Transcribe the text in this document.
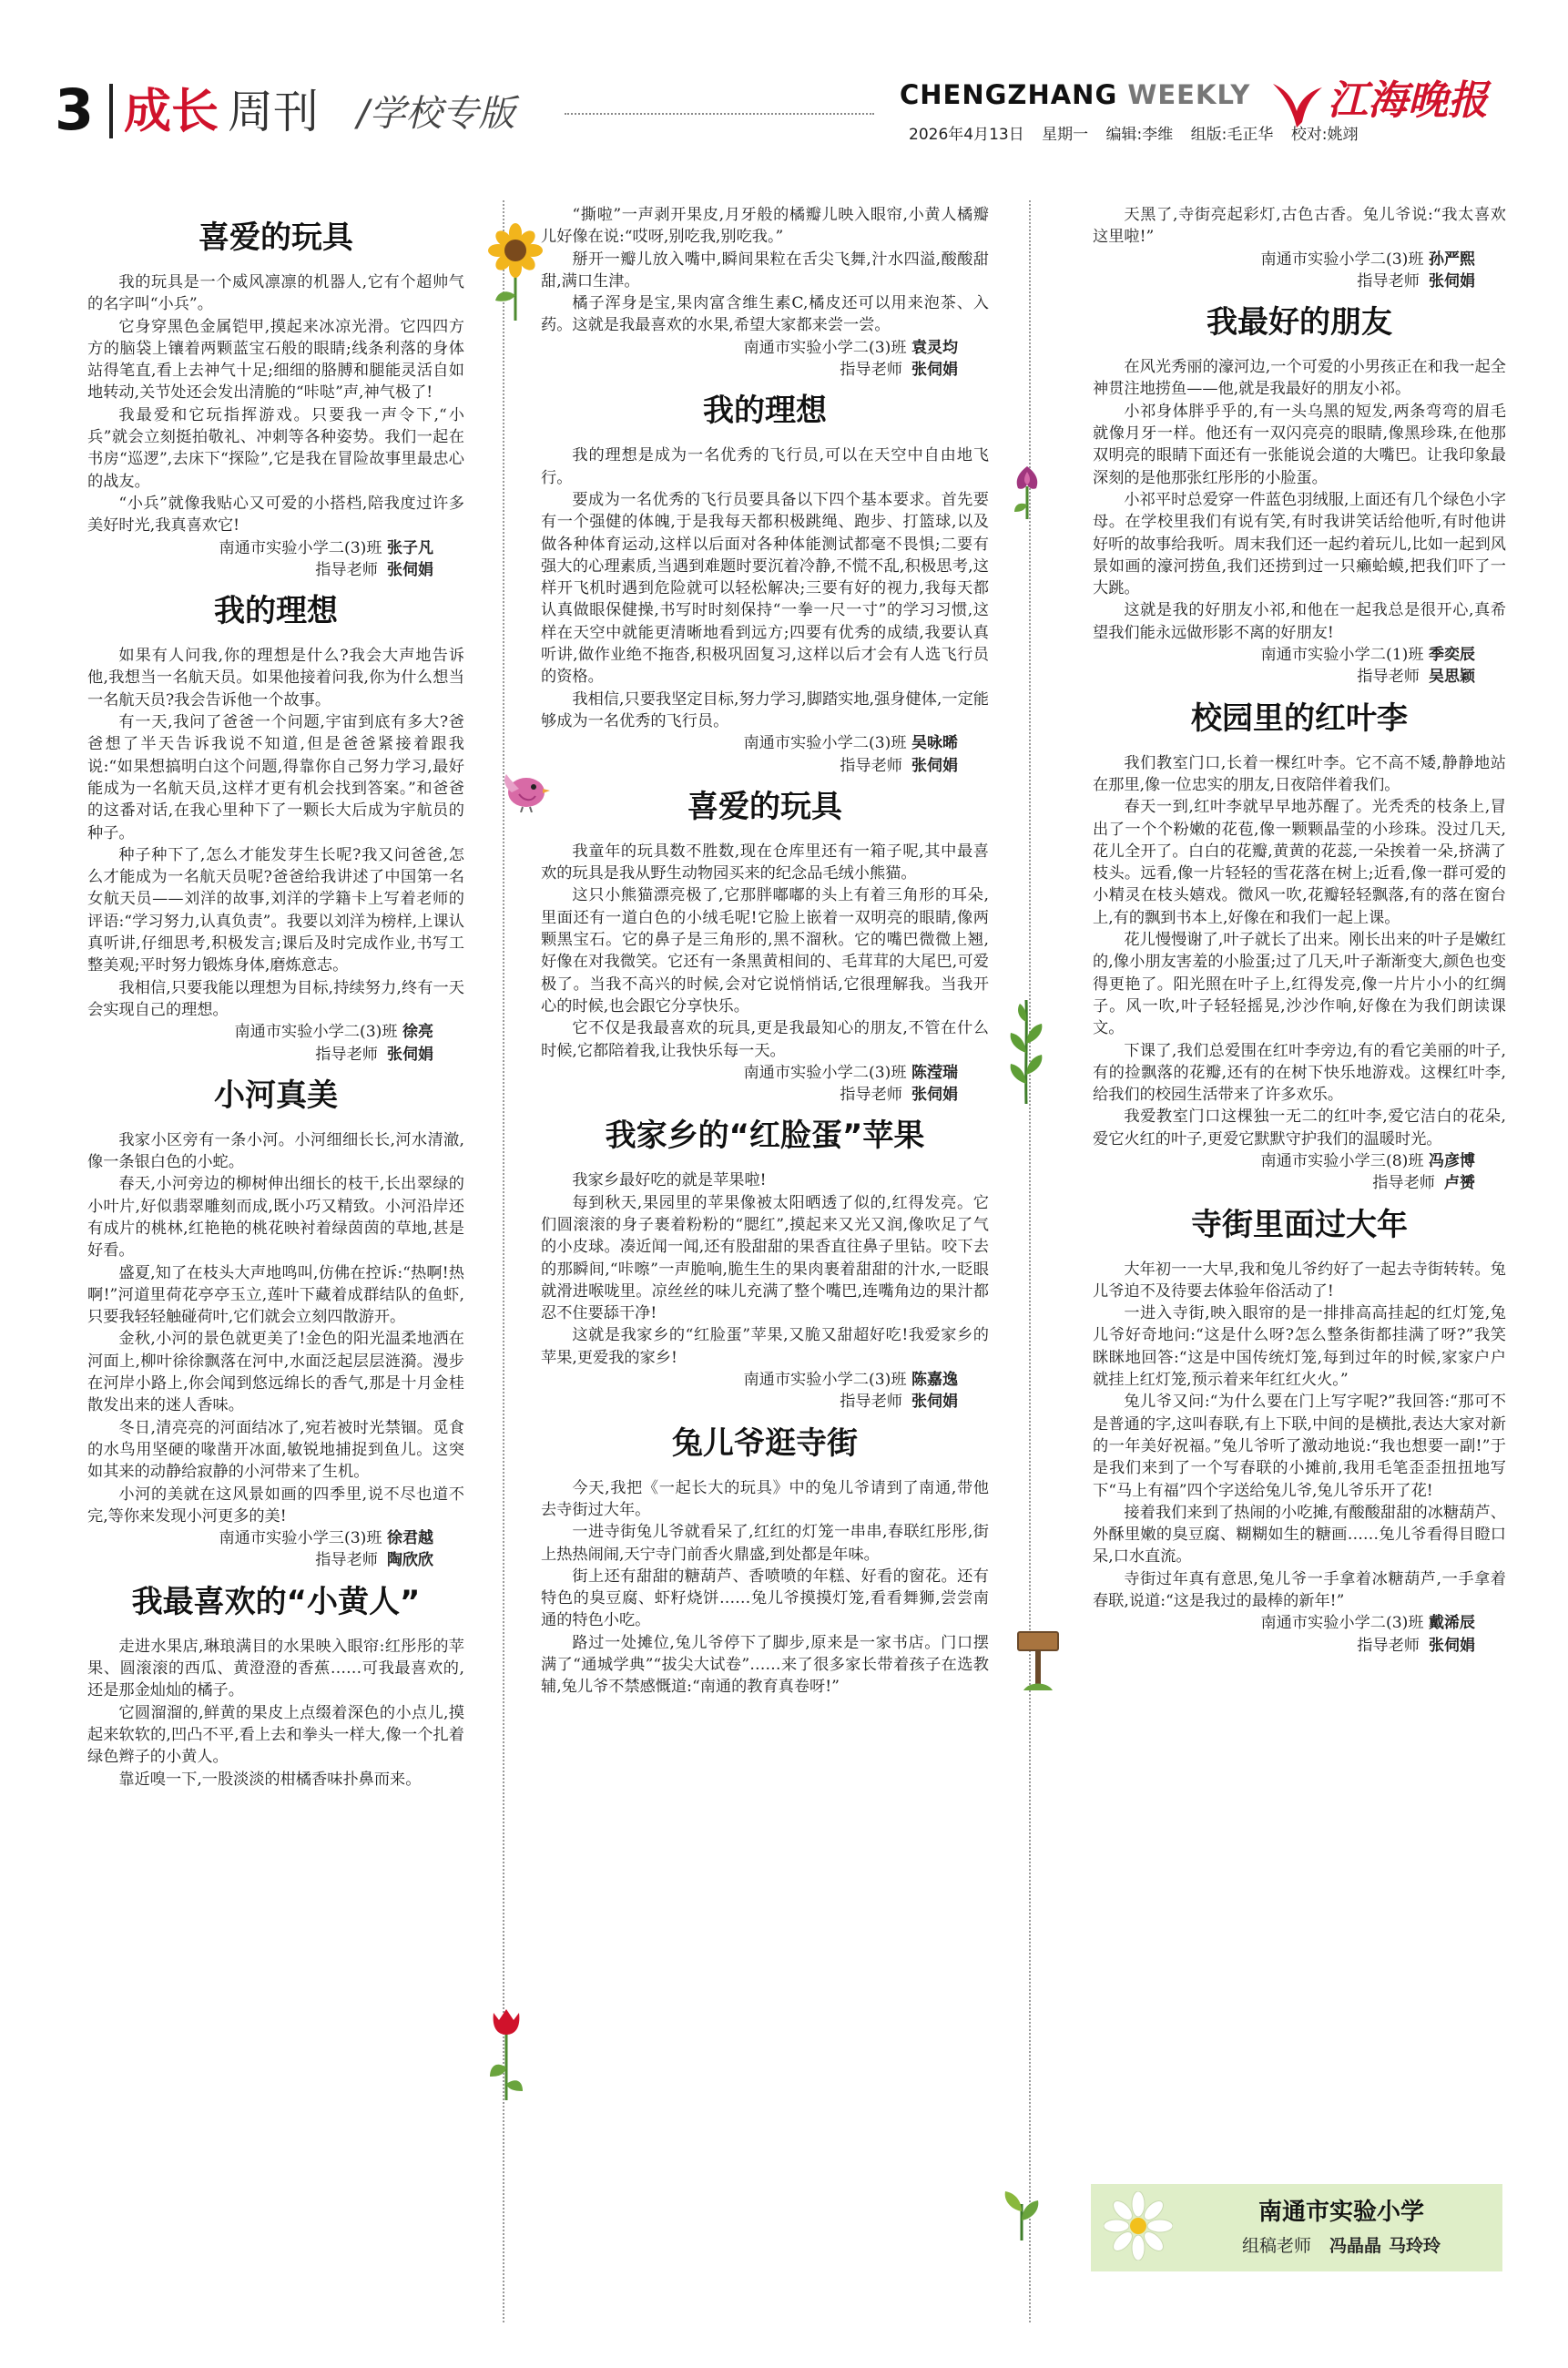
3 成长 周刊 /学校专版	CHENGZHANG WEEKLY 江海晚报
2026年4月13日 星期一 编辑:李维 组版:毛正华 校对:姚翊
喜爱的玩具

我的玩具是一个威风凛凛的机器人,它有个超帅气的名字叫“小兵”。

它身穿黑色金属铠甲,摸起来冰凉光滑。它四四方方的脑袋上镶着两颗蓝宝石般的眼睛;线条利落的身体站得笔直,看上去神气十足;细细的胳膊和腿能灵活自如地转动,关节处还会发出清脆的“咔哒”声,神气极了!

我最爱和它玩指挥游戏。只要我一声令下,“小兵”就会立刻挺拍敬礼、冲刺等各种姿势。我们一起在书房“巡逻”,去床下“探险”,它是我在冒险故事里最忠心的战友。

“小兵”就像我贴心又可爱的小搭档,陪我度过许多美好时光,我真喜欢它!

南通市实验小学二(3)班 张子凡
指导老师 张伺娟
我的理想

如果有人问我,你的理想是什么?我会大声地告诉他,我想当一名航天员。如果他接着问我,你为什么想当一名航天员?我会告诉他一个故事。

有一天,我问了爸爸一个问题,宇宙到底有多大?爸爸想了半天告诉我说不知道,但是爸爸紧接着跟我说:“如果想搞明白这个问题,得靠你自己努力学习,最好能成为一名航天员,这样才更有机会找到答案。”和爸爸的这番对话,在我心里种下了一颗长大后成为宇航员的种子。

种子种下了,怎么才能发芽生长呢?我又问爸爸,怎么才能成为一名航天员呢?爸爸给我讲述了中国第一名女航天员——刘洋的故事,刘洋的学籍卡上写着老师的评语:“学习努力,认真负责”。我要以刘洋为榜样,上课认真听讲,仔细思考,积极发言;课后及时完成作业,书写工整美观;平时努力锻炼身体,磨炼意志。

我相信,只要我能以理想为目标,持续努力,终有一天会实现自己的理想。

南通市实验小学二(3)班 徐亮
指导老师 张伺娟
小河真美

我家小区旁有一条小河。小河细细长长,河水清澈,像一条银白色的小蛇。

春天,小河旁边的柳树伸出细长的枝干,长出翠绿的小叶片,好似翡翠雕刻而成,既小巧又精致。小河沿岸还有成片的桃林,红艳艳的桃花映衬着绿茵茵的草地,甚是好看。

盛夏,知了在枝头大声地鸣叫,仿佛在控诉:“热啊!热啊!”河道里荷花亭亭玉立,莲叶下藏着成群结队的鱼虾,只要我轻轻触碰荷叶,它们就会立刻四散游开。

金秋,小河的景色就更美了!金色的阳光温柔地洒在河面上,柳叶徐徐飘落在河中,水面泛起层层涟漪。漫步在河岸小路上,你会闻到悠远绵长的香气,那是十月金桂散发出来的迷人香味。

冬日,清亮亮的河面结冰了,宛若被时光禁锢。觅食的水鸟用坚硬的喙凿开冰面,敏锐地捕捉到鱼儿。这突如其来的动静给寂静的小河带来了生机。

小河的美就在这风景如画的四季里,说不尽也道不完,等你来发现小河更多的美!

南通市实验小学三(3)班 徐君越
指导老师 陶欣欣
我最喜欢的“小黄人”

走进水果店,琳琅满目的水果映入眼帘:红彤彤的苹果、圆滚滚的西瓜、黄澄澄的香蕉……可我最喜欢的,还是那金灿灿的橘子。

它圆溜溜的,鲜黄的果皮上点缀着深色的小点儿,摸起来软软的,凹凸不平,看上去和拳头一样大,像一个扎着绿色辫子的小黄人。

靠近嗅一下,一股淡淡的柑橘香味扑鼻而来。

“撕啦”一声剥开果皮,月牙般的橘瓣儿映入眼帘,小黄人橘瓣儿好像在说:“哎呀,别吃我,别吃我。”

掰开一瓣儿放入嘴中,瞬间果粒在舌尖飞舞,汁水四溢,酸酸甜甜,满口生津。

橘子浑身是宝,果肉富含维生素C,橘皮还可以用来泡茶、入药。这就是我最喜欢的水果,希望大家都来尝一尝。

南通市实验小学二(3)班 袁灵均
指导老师 张伺娟
我的理想

我的理想是成为一名优秀的飞行员,可以在天空中自由地飞行。

要成为一名优秀的飞行员要具备以下四个基本要求。首先要有一个强健的体魄,于是我每天都积极跳绳、跑步、打篮球,以及做各种体育运动,这样以后面对各种体能测试都毫不畏惧;二要有强大的心理素质,当遇到难题时要沉着冷静,不慌不乱,积极思考,这样开飞机时遇到危险就可以轻松解决;三要有好的视力,我每天都认真做眼保健操,书写时时刻保持“一拳一尺一寸”的学习习惯,这样在天空中就能更清晰地看到远方;四要有优秀的成绩,我要认真听讲,做作业绝不拖沓,积极巩固复习,这样以后才会有人选飞行员的资格。

我相信,只要我坚定目标,努力学习,脚踏实地,强身健体,一定能够成为一名优秀的飞行员。

南通市实验小学二(3)班 吴咏晞
指导老师 张伺娟
喜爱的玩具

我童年的玩具数不胜数,现在仓库里还有一箱子呢,其中最喜欢的玩具是我从野生动物园买来的纪念品毛绒小熊猫。

这只小熊猫漂亮极了,它那胖嘟嘟的头上有着三角形的耳朵,里面还有一道白色的小绒毛呢!它脸上嵌着一双明亮的眼睛,像两颗黑宝石。它的鼻子是三角形的,黑不溜秋。它的嘴巴微微上翘,好像在对我微笑。它还有一条黑黄相间的、毛茸茸的大尾巴,可爱极了。当我不高兴的时候,会对它说悄悄话,它很理解我。当我开心的时候,也会跟它分享快乐。

它不仅是我最喜欢的玩具,更是我最知心的朋友,不管在什么时候,它都陪着我,让我快乐每一天。

南通市实验小学二(3)班 陈滢瑞
指导老师 张伺娟
我家乡的“红脸蛋”苹果

我家乡最好吃的就是苹果啦!

每到秋天,果园里的苹果像被太阳晒透了似的,红得发亮。它们圆滚滚的身子裹着粉粉的“腮红”,摸起来又光又润,像吹足了气的小皮球。凑近闻一闻,还有股甜甜的果香直往鼻子里钻。咬下去的那瞬间,“咔嚓”一声脆响,脆生生的果肉裹着甜甜的汁水,一眨眼就滑进喉咙里。凉丝丝的味儿充满了整个嘴巴,连嘴角边的果汁都忍不住要舔干净!

这就是我家乡的“红脸蛋”苹果,又脆又甜超好吃!我爱家乡的苹果,更爱我的家乡!

南通市实验小学二(3)班 陈嘉逸
指导老师 张伺娟
兔儿爷逛寺街

今天,我把《一起长大的玩具》中的兔儿爷请到了南通,带他去寺街过大年。

一进寺街兔儿爷就看呆了,红红的灯笼一串串,春联红彤彤,街上热热闹闹,天宁寺门前香火鼎盛,到处都是年味。

街上还有甜甜的糖葫芦、香喷喷的年糕、好看的窗花。还有特色的臭豆腐、虾籽烧饼……兔儿爷摸摸灯笼,看看舞狮,尝尝南通的特色小吃。

路过一处摊位,兔儿爷停下了脚步,原来是一家书店。门口摆满了“通城学典”“拔尖大试卷”……来了很多家长带着孩子在选教辅,兔儿爷不禁感慨道:“南通的教育真卷呀!”

天黑了,寺街亮起彩灯,古色古香。兔儿爷说:“我太喜欢这里啦!”

南通市实验小学二(3)班 孙严熙
指导老师 张伺娟
我最好的朋友

在风光秀丽的濠河边,一个可爱的小男孩正在和我一起全神贯注地捞鱼——他,就是我最好的朋友小祁。

小祁身体胖乎乎的,有一头乌黑的短发,两条弯弯的眉毛就像月牙一样。他还有一双闪亮亮的眼睛,像黑珍珠,在他那双明亮的眼睛下面还有一张能说会道的大嘴巴。让我印象最深刻的是他那张红彤彤的小脸蛋。

小祁平时总爱穿一件蓝色羽绒服,上面还有几个绿色小字母。在学校里我们有说有笑,有时我讲笑话给他听,有时他讲好听的故事给我听。周末我们还一起约着玩儿,比如一起到风景如画的濠河捞鱼,我们还捞到过一只癞蛤蟆,把我们吓了一大跳。

这就是我的好朋友小祁,和他在一起我总是很开心,真希望我们能永远做形影不离的好朋友!

南通市实验小学二(1)班 季奕辰
指导老师 吴思颖
校园里的红叶李

我们教室门口,长着一棵红叶李。它不高不矮,静静地站在那里,像一位忠实的朋友,日夜陪伴着我们。

春天一到,红叶李就早早地苏醒了。光秃秃的枝条上,冒出了一个个粉嫩的花苞,像一颗颗晶莹的小珍珠。没过几天,花儿全开了。白白的花瓣,黄黄的花蕊,一朵挨着一朵,挤满了枝头。远看,像一片轻轻的雪花落在树上;近看,像一群可爱的小精灵在枝头嬉戏。微风一吹,花瓣轻轻飘落,有的落在窗台上,有的飘到书本上,好像在和我们一起上课。

花儿慢慢谢了,叶子就长了出来。刚长出来的叶子是嫩红的,像小朋友害羞的小脸蛋;过了几天,叶子渐渐变大,颜色也变得更艳了。阳光照在叶子上,红得发亮,像一片片小小的红绸子。风一吹,叶子轻轻摇晃,沙沙作响,好像在为我们朗读课文。

下课了,我们总爱围在红叶李旁边,有的看它美丽的叶子,有的捡飘落的花瓣,还有的在树下快乐地游戏。这棵红叶李,给我们的校园生活带来了许多欢乐。

我爱教室门口这棵独一无二的红叶李,爱它洁白的花朵,爱它火红的叶子,更爱它默默守护我们的温暖时光。

南通市实验小学三(8)班 冯彦博
指导老师 卢赟
寺街里面过大年

大年初一一大早,我和兔儿爷约好了一起去寺街转转。兔儿爷迫不及待要去体验年俗活动了!

一进入寺街,映入眼帘的是一排排高高挂起的红灯笼,兔儿爷好奇地问:“这是什么呀?怎么整条街都挂满了呀?”我笑眯眯地回答:“这是中国传统灯笼,每到过年的时候,家家户户就挂上红灯笼,预示着来年红红火火。”

兔儿爷又问:“为什么要在门上写字呢?”我回答:“那可不是普通的字,这叫春联,有上下联,中间的是横批,表达大家对新的一年美好祝福。”兔儿爷听了激动地说:“我也想要一副!”于是我们来到了一个写春联的小摊前,我用毛笔歪歪扭扭地写下“马上有福”四个字送给兔儿爷,兔儿爷乐开了花!

接着我们来到了热闹的小吃摊,有酸酸甜甜的冰糖葫芦、外酥里嫩的臭豆腐、糊糊如生的糖画……兔儿爷看得目瞪口呆,口水直流。

寺街过年真有意思,兔儿爷一手拿着冰糖葫芦,一手拿着春联,说道:“这是我过的最棒的新年!”

南通市实验小学二(3)班 戴浠辰
指导老师 张伺娟
南通市实验小学
组稿老师 冯晶晶 马玲玲
